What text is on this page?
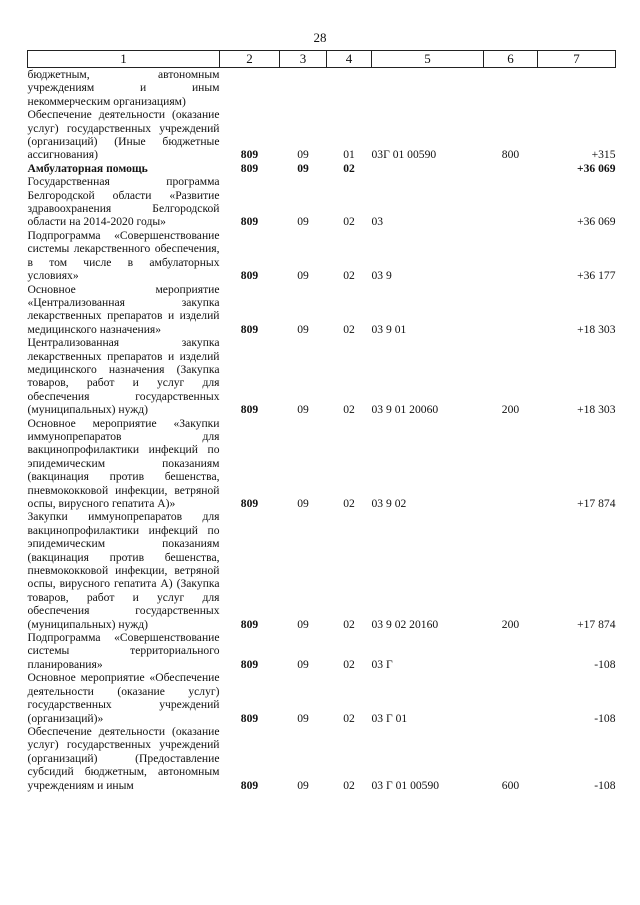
28
1	2	3	4	5	6	7

бюджетным, автономным учреждениям и иным некоммерческим организациям)						

Обеспечение деятельности (оказание услуг) государственных учреждений (организаций) (Иные бюджетные ассигнования)	809	09	01	03Г 01 00590	800	+315

Амбулаторная помощь	809	09	02			+36 069

Государственная программа Белгородской области «Развитие здравоохранения Белгородской области на 2014-2020 годы»	809	09	02	03		+36 069

Подпрограмма «Совершенствование системы лекарственного обеспечения, в том числе в амбулаторных условиях»	809	09	02	03 9		+36 177

Основное мероприятие «Централизованная закупка лекарственных препаратов и изделий медицинского назначения»	809	09	02	03 9 01		+18 303

Централизованная закупка лекарственных препаратов и изделий медицинского назначения (Закупка товаров, работ и услуг для обеспечения государственных (муниципальных) нужд)	809	09	02	03 9 01 20060	200	+18 303

Основное мероприятие «Закупки иммунопрепаратов для вакцинопрофилактики инфекций по эпидемическим показаниям (вакцинация против бешенства, пневмококковой инфекции, ветряной оспы, вирусного гепатита А)»	809	09	02	03 9 02		+17 874

Закупки иммунопрепаратов для вакцинопрофилактики инфекций по эпидемическим показаниям (вакцинация против бешенства, пневмококковой инфекции, ветряной оспы, вирусного гепатита А) (Закупка товаров, работ и услуг для обеспечения государственных (муниципальных) нужд)	809	09	02	03 9 02 20160	200	+17 874

Подпрограмма «Совершенствование системы территориального планирования»	809	09	02	03 Г		-108

Основное мероприятие «Обеспечение деятельности (оказание услуг) государственных учреждений (организаций)»	809	09	02	03 Г 01		-108

Обеспечение деятельности (оказание услуг) государственных учреждений (организаций) (Предоставление субсидий бюджетным, автономным учреждениям и иным	809	09	02	03 Г 01 00590	600	-108
